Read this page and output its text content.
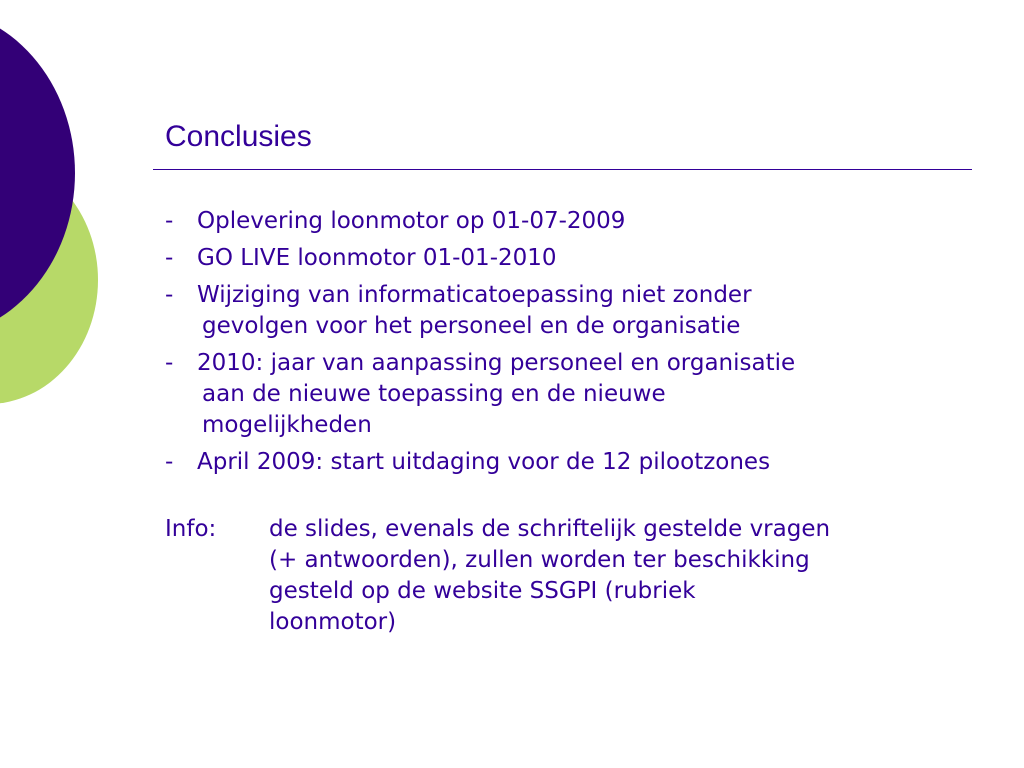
Conclusies
-	Oplevering loonmotor op 01-07-2009
-	GO LIVE loonmotor 01-01-2010
-	Wijziging van informaticatoepassing niet zonder
gevolgen voor het personeel en de organisatie
-	2010: jaar van aanpassing personeel en organisatie
aan de nieuwe toepassing en de nieuwe
mogelijkheden
-	April 2009: start uitdaging voor de 12 pilootzones
Info:	de slides, evenals de schriftelijk gestelde vragen
(+ antwoorden), zullen worden ter beschikking
gesteld op de website SSGPI (rubriek
loonmotor)
